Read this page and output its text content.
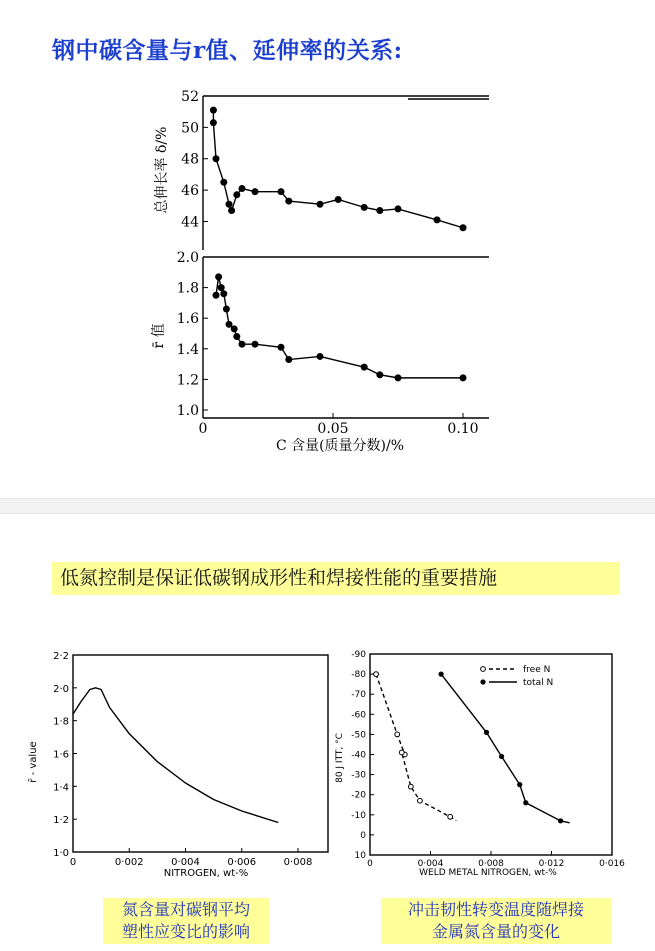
钢中碳含量与r值、延伸率的关系:
44
46
48
50
52
总伸长率 δ/%
1.0
1.2
1.4
1.6
1.8
2.0
0	0.05	0.10
r̄ 值
C 含量(质量分数)/%
低氮控制是保证低碳钢成形性和焊接性能的重要措施
1·0
1·2
1·4
1·6
1·8
2·0
2·2
0	0·002	0·004	0·006	0·008
r̄ - value
NITROGEN, wt-%
10
0
-10
-20
-30
-40
-50
-60
-70
-80
-90
0	0·004	0·008	0·012	0·016
80 J ITT, °C
WELD METAL NITROGEN, wt-%
free N
total N
氮含量对碳钢平均
塑性应变比的影响
冲击韧性转变温度随焊接
金属氮含量的变化
